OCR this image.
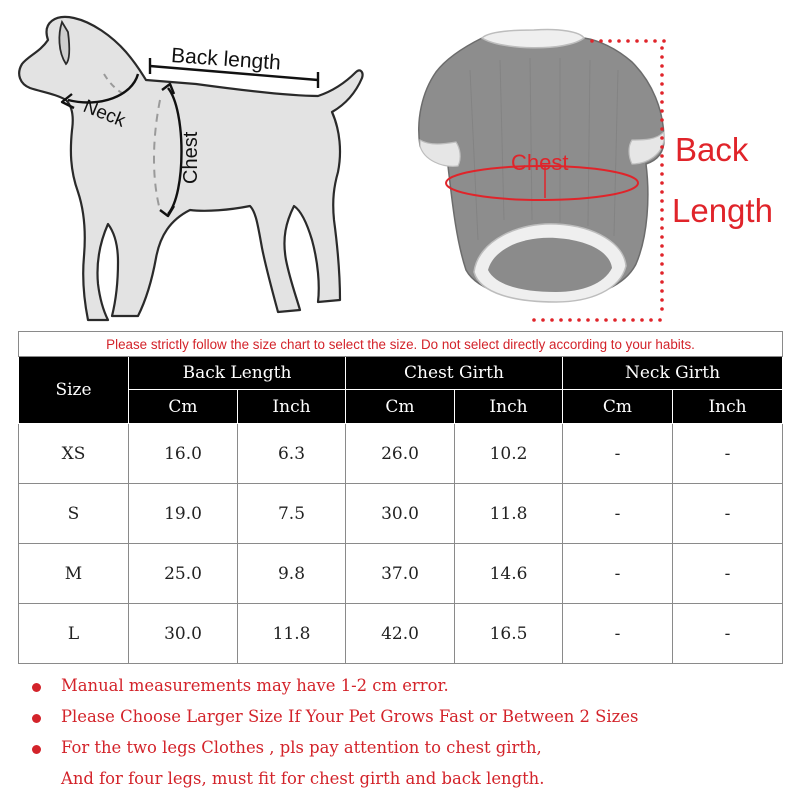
Back length
Neck
Chest	Chest	Back
Length
Please strictly follow the size chart to select the size. Do not select directly according to your habits.						
Size	Back Length		Chest Girth		Neck Girth	
	Cm	Inch	Cm	Inch	Cm	Inch
XS	16.0	6.3	26.0	10.2	-	-
S	19.0	7.5	30.0	11.8	-	-
M	25.0	9.8	37.0	14.6	-	-
L	30.0	11.8	42.0	16.5	-	-
Manual measurements may have 1-2 cm error.
Please Choose Larger Size If Your Pet Grows Fast or Between 2 Sizes
For the two legs Clothes , pls pay attention to chest girth,
And for four legs, must fit for chest girth and back length.
